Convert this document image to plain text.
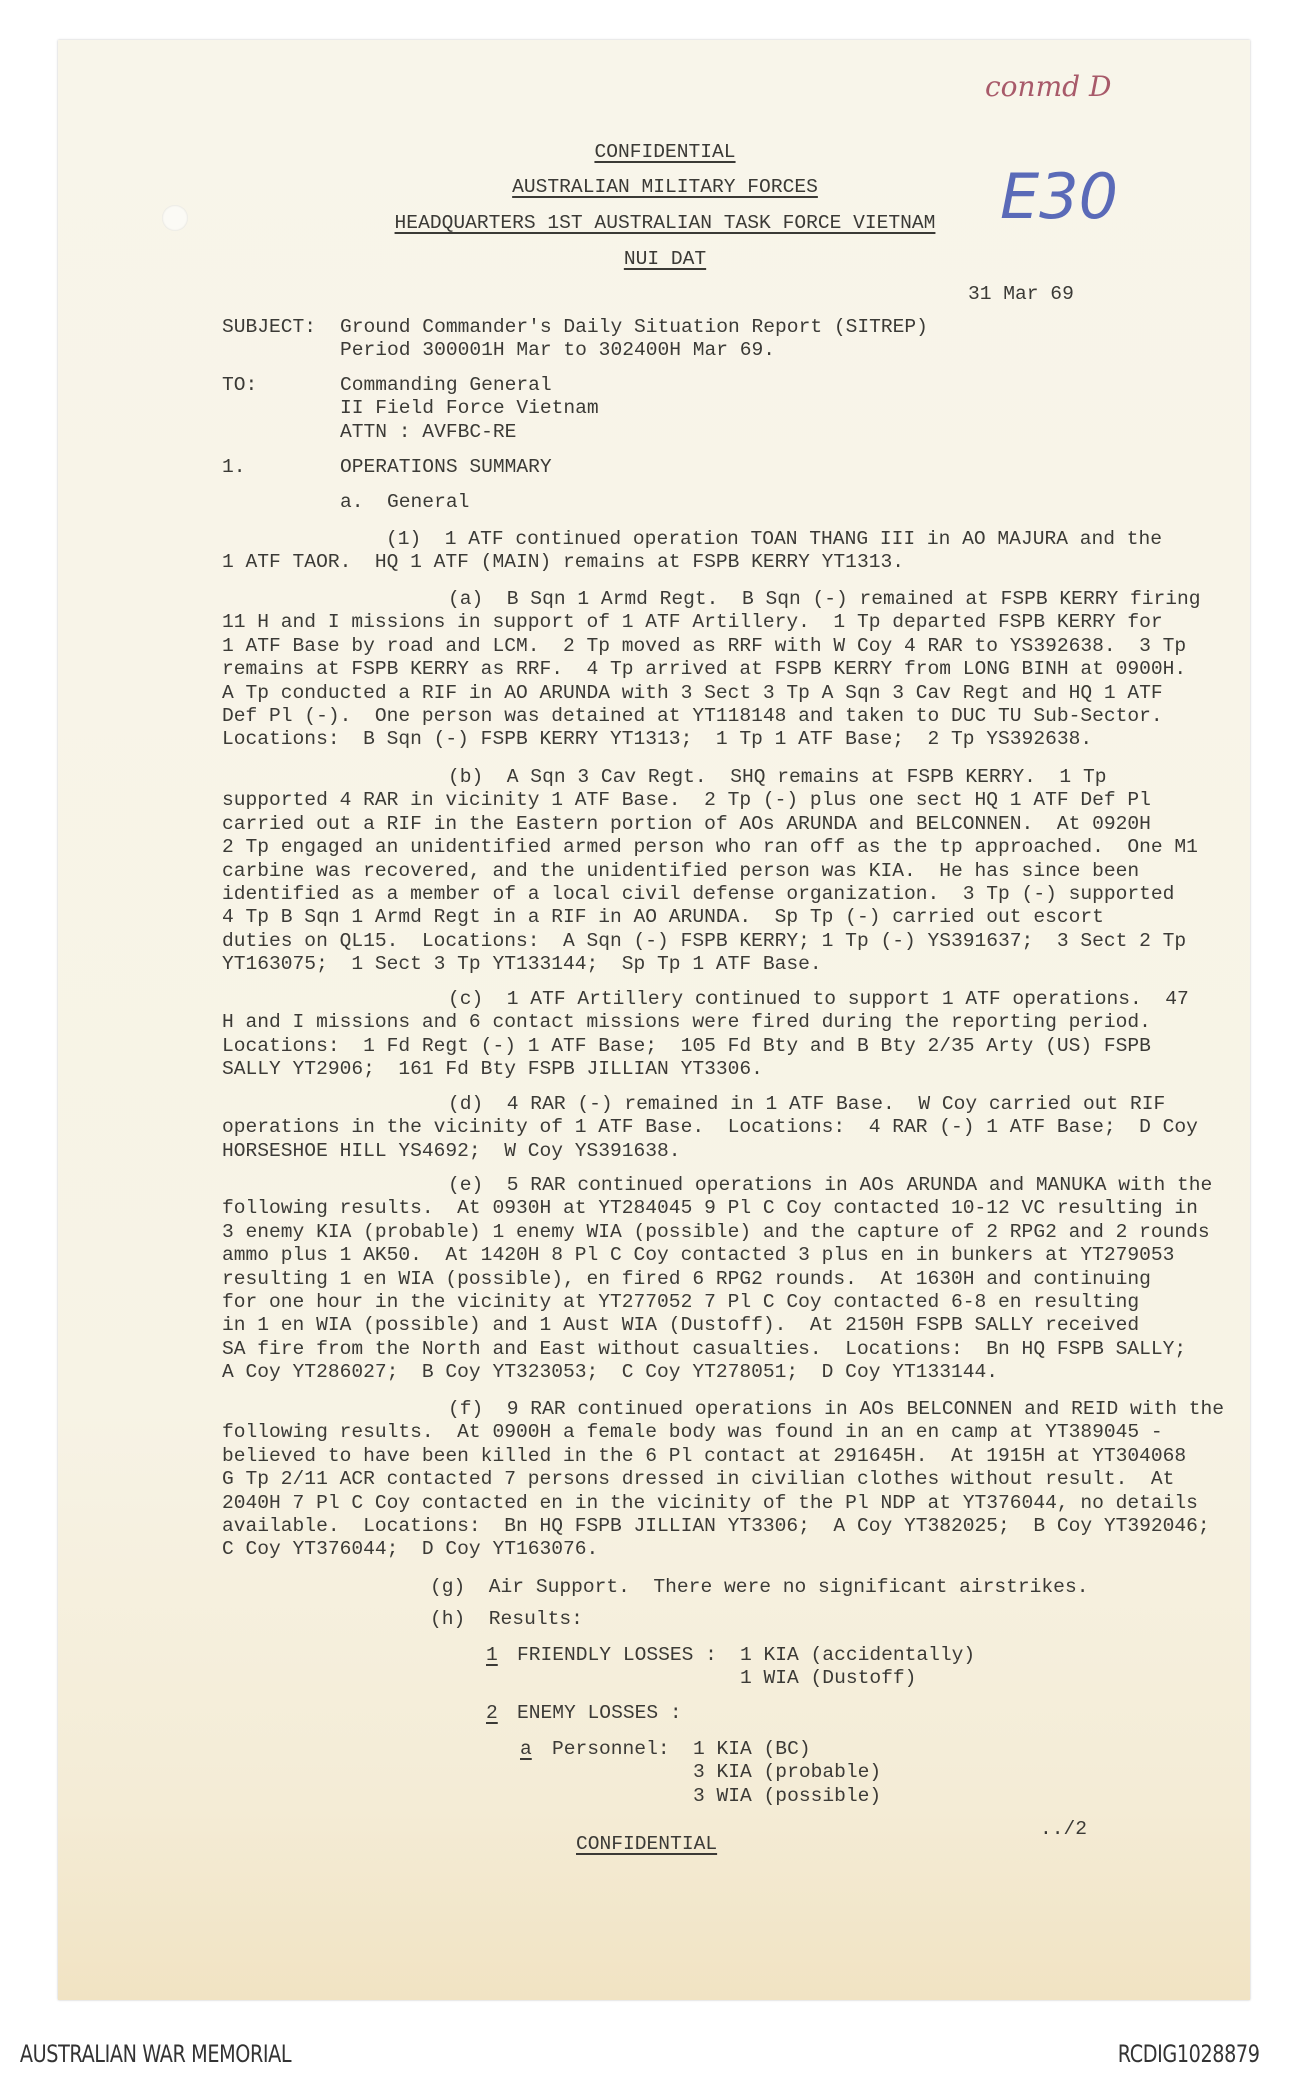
conmd D
E30
CONFIDENTIAL
AUSTRALIAN MILITARY FORCES
HEADQUARTERS 1ST AUSTRALIAN TASK FORCE VIETNAM
NUI DAT
31 Mar 69
SUBJECT: Ground Commander's Daily Situation Report (SITREP)
Period 300001H Mar to 302400H Mar 69.
TO:	Commanding General
II Field Force Vietnam
ATTN : AVFBC-RE
1.	OPERATIONS SUMMARY
a.  General
(1)  1 ATF continued operation TOAN THANG III in AO MAJURA and the
1 ATF TAOR.  HQ 1 ATF (MAIN) remains at FSPB KERRY YT1313.
(a)  B Sqn 1 Armd Regt.  B Sqn (-) remained at FSPB KERRY firing
11 H and I missions in support of 1 ATF Artillery.  1 Tp departed FSPB KERRY for
1 ATF Base by road and LCM.  2 Tp moved as RRF with W Coy 4 RAR to YS392638.  3 Tp
remains at FSPB KERRY as RRF.  4 Tp arrived at FSPB KERRY from LONG BINH at 0900H.
A Tp conducted a RIF in AO ARUNDA with 3 Sect 3 Tp A Sqn 3 Cav Regt and HQ 1 ATF
Def Pl (-).  One person was detained at YT118148 and taken to DUC TU Sub-Sector.
Locations:  B Sqn (-) FSPB KERRY YT1313;  1 Tp 1 ATF Base;  2 Tp YS392638.
(b)  A Sqn 3 Cav Regt.  SHQ remains at FSPB KERRY.  1 Tp
supported 4 RAR in vicinity 1 ATF Base.  2 Tp (-) plus one sect HQ 1 ATF Def Pl
carried out a RIF in the Eastern portion of AOs ARUNDA and BELCONNEN.  At 0920H
2 Tp engaged an unidentified armed person who ran off as the tp approached.  One M1
carbine was recovered, and the unidentified person was KIA.  He has since been
identified as a member of a local civil defense organization.  3 Tp (-) supported
4 Tp B Sqn 1 Armd Regt in a RIF in AO ARUNDA.  Sp Tp (-) carried out escort
duties on QL15.  Locations:  A Sqn (-) FSPB KERRY; 1 Tp (-) YS391637;  3 Sect 2 Tp
YT163075;  1 Sect 3 Tp YT133144;  Sp Tp 1 ATF Base.
(c)  1 ATF Artillery continued to support 1 ATF operations.  47
H and I missions and 6 contact missions were fired during the reporting period.
Locations:  1 Fd Regt (-) 1 ATF Base;  105 Fd Bty and B Bty 2/35 Arty (US) FSPB
SALLY YT2906;  161 Fd Bty FSPB JILLIAN YT3306.
(d)  4 RAR (-) remained in 1 ATF Base.  W Coy carried out RIF
operations in the vicinity of 1 ATF Base.  Locations:  4 RAR (-) 1 ATF Base;  D Coy
HORSESHOE HILL YS4692;  W Coy YS391638.
(e)  5 RAR continued operations in AOs ARUNDA and MANUKA with the
following results.  At 0930H at YT284045 9 Pl C Coy contacted 10-12 VC resulting in
3 enemy KIA (probable) 1 enemy WIA (possible) and the capture of 2 RPG2 and 2 rounds
ammo plus 1 AK50.  At 1420H 8 Pl C Coy contacted 3 plus en in bunkers at YT279053
resulting 1 en WIA (possible), en fired 6 RPG2 rounds.  At 1630H and continuing
for one hour in the vicinity at YT277052 7 Pl C Coy contacted 6-8 en resulting
in 1 en WIA (possible) and 1 Aust WIA (Dustoff).  At 2150H FSPB SALLY received
SA fire from the North and East without casualties.  Locations:  Bn HQ FSPB SALLY;
A Coy YT286027;  B Coy YT323053;  C Coy YT278051;  D Coy YT133144.
(f)  9 RAR continued operations in AOs BELCONNEN and REID with the
following results.  At 0900H a female body was found in an en camp at YT389045 -
believed to have been killed in the 6 Pl contact at 291645H.  At 1915H at YT304068
G Tp 2/11 ACR contacted 7 persons dressed in civilian clothes without result.  At
2040H 7 Pl C Coy contacted en in the vicinity of the Pl NDP at YT376044, no details
available.  Locations:  Bn HQ FSPB JILLIAN YT3306;  A Coy YT382025;  B Coy YT392046;
C Coy YT376044;  D Coy YT163076.
(g)  Air Support.  There were no significant airstrikes.
(h)  Results:
1 FRIENDLY LOSSES : 1 KIA (accidentally)
1 WIA (Dustoff)
2 ENEMY LOSSES :
a Personnel: 1 KIA (BC)
3 KIA (probable)
3 WIA (possible)
../2
CONFIDENTIAL
AUSTRALIAN WAR MEMORIAL	RCDIG1028879
